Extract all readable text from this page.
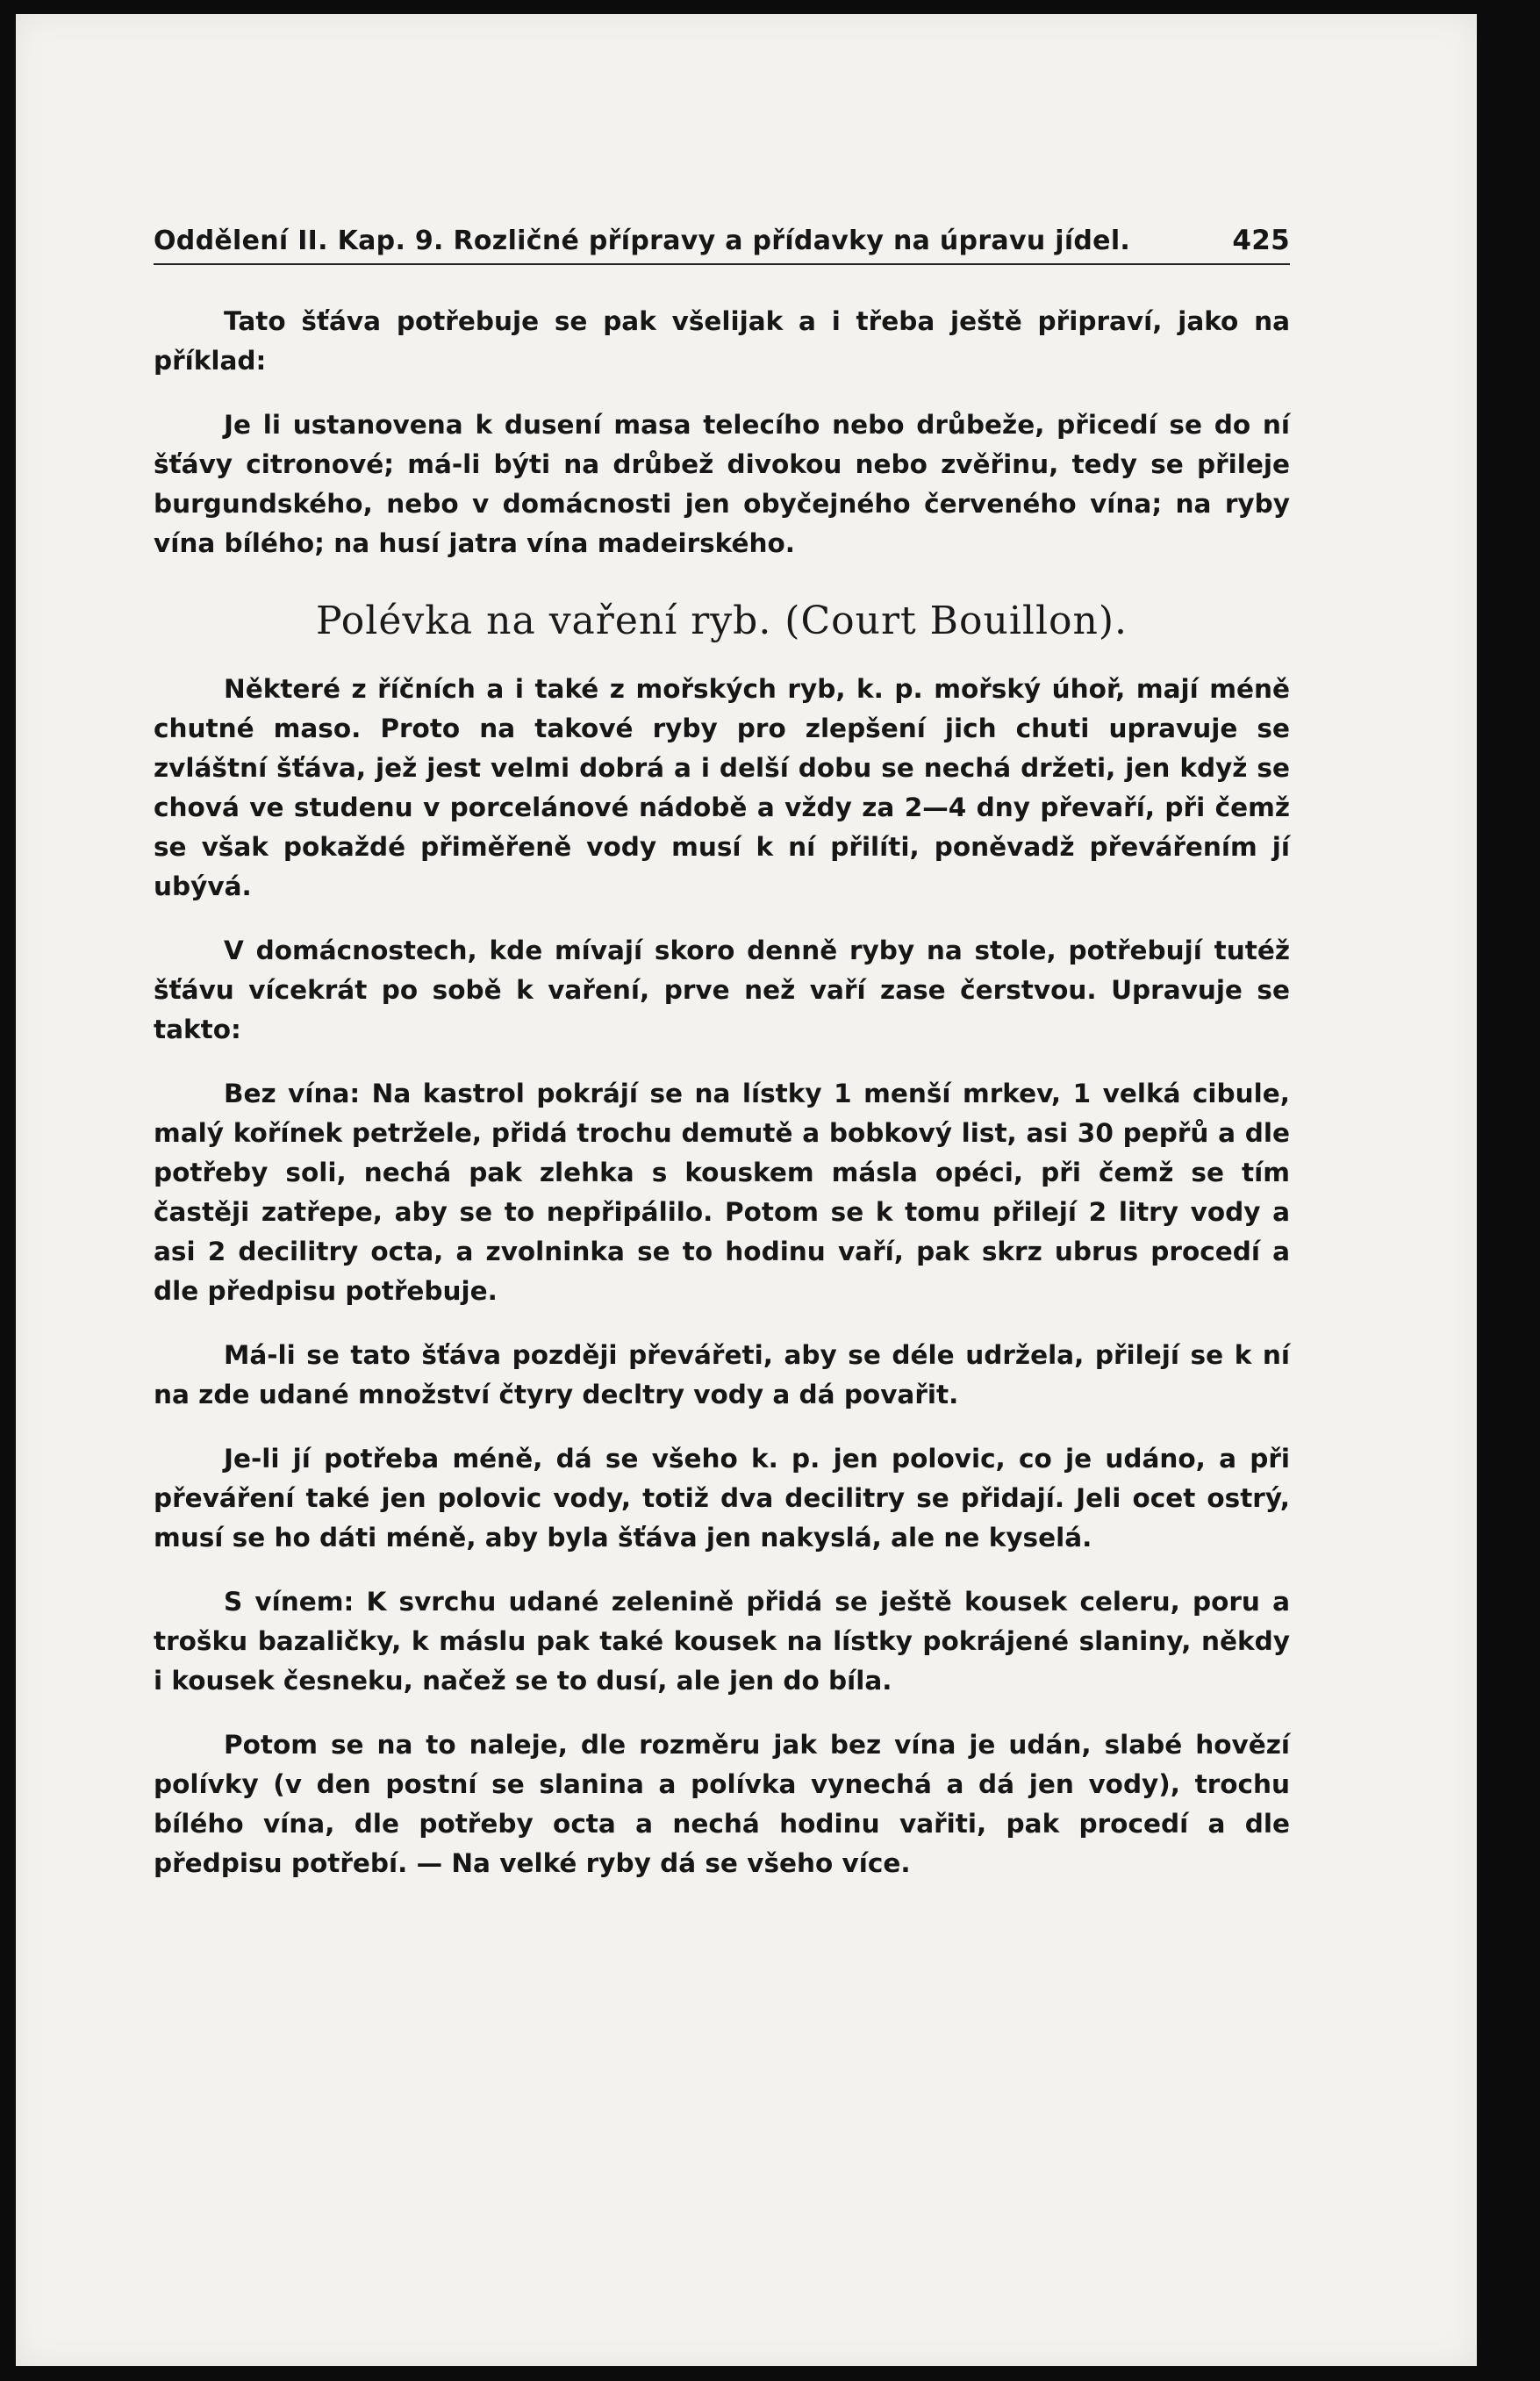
Oddělení II. Kap. 9. Rozličné přípravy a přídavky na úpravu jídel.	425

Tato šťáva potřebuje se pak všelijak a i třeba ještě připraví, jako na příklad:

Je li ustanovena k dusení masa telecího nebo drůbeže, přicedí se do ní šťávy citronové; má-li býti na drůbež divokou nebo zvěřinu, tedy se přileje burgundského, nebo v domácnosti jen obyčejného červeného vína; na ryby vína bílého; na husí jatra vína madeirského.

Polévka na vaření ryb. (Court Bouillon).

Některé z říčních a i také z mořských ryb, k. p. mořský úhoř, mají méně chutné maso. Proto na takové ryby pro zlepšení jich chuti upravuje se zvláštní šťáva, jež jest velmi dobrá a i delší dobu se nechá držeti, jen když se chová ve studenu v porcelánové nádobě a vždy za 2—4 dny převaří, při čemž se však pokaždé přiměřeně vody musí k ní přilíti, poněvadž převářením jí ubývá.

V domácnostech, kde mívají skoro denně ryby na stole, potřebují tutéž šťávu vícekrát po sobě k vaření, prve než vaří zase čerstvou. Upravuje se takto:

Bez vína: Na kastrol pokrájí se na lístky 1 menší mrkev, 1 velká cibule, malý kořínek petržele, přidá trochu demutě a bobkový list, asi 30 pepřů a dle potřeby soli, nechá pak zlehka s kouskem másla opéci, při čemž se tím častěji zatřepe, aby se to nepřipálilo. Potom se k tomu přilejí 2 litry vody a asi 2 decilitry octa, a zvolninka se to hodinu vaří, pak skrz ubrus procedí a dle předpisu potřebuje.

Má-li se tato šťáva později převářeti, aby se déle udržela, přilejí se k ní na zde udané množství čtyry decltry vody a dá povařit.

Je-li jí potřeba méně, dá se všeho k. p. jen polovic, co je udáno, a při převáření také jen polovic vody, totiž dva decilitry se přidají. Jeli ocet ostrý, musí se ho dáti méně, aby byla šťáva jen nakyslá, ale ne kyselá.

S vínem: K svrchu udané zelenině přidá se ještě kousek celeru, poru a trošku bazaličky, k máslu pak také kousek na lístky pokrájené slaniny, někdy i kousek česneku, načež se to dusí, ale jen do bíla.

Potom se na to naleje, dle rozměru jak bez vína je udán, slabé hovězí polívky (v den postní se slanina a polívka vynechá a dá jen vody), trochu bílého vína, dle potřeby octa a nechá hodinu vařiti, pak procedí a dle předpisu potřebí. — Na velké ryby dá se všeho více.
